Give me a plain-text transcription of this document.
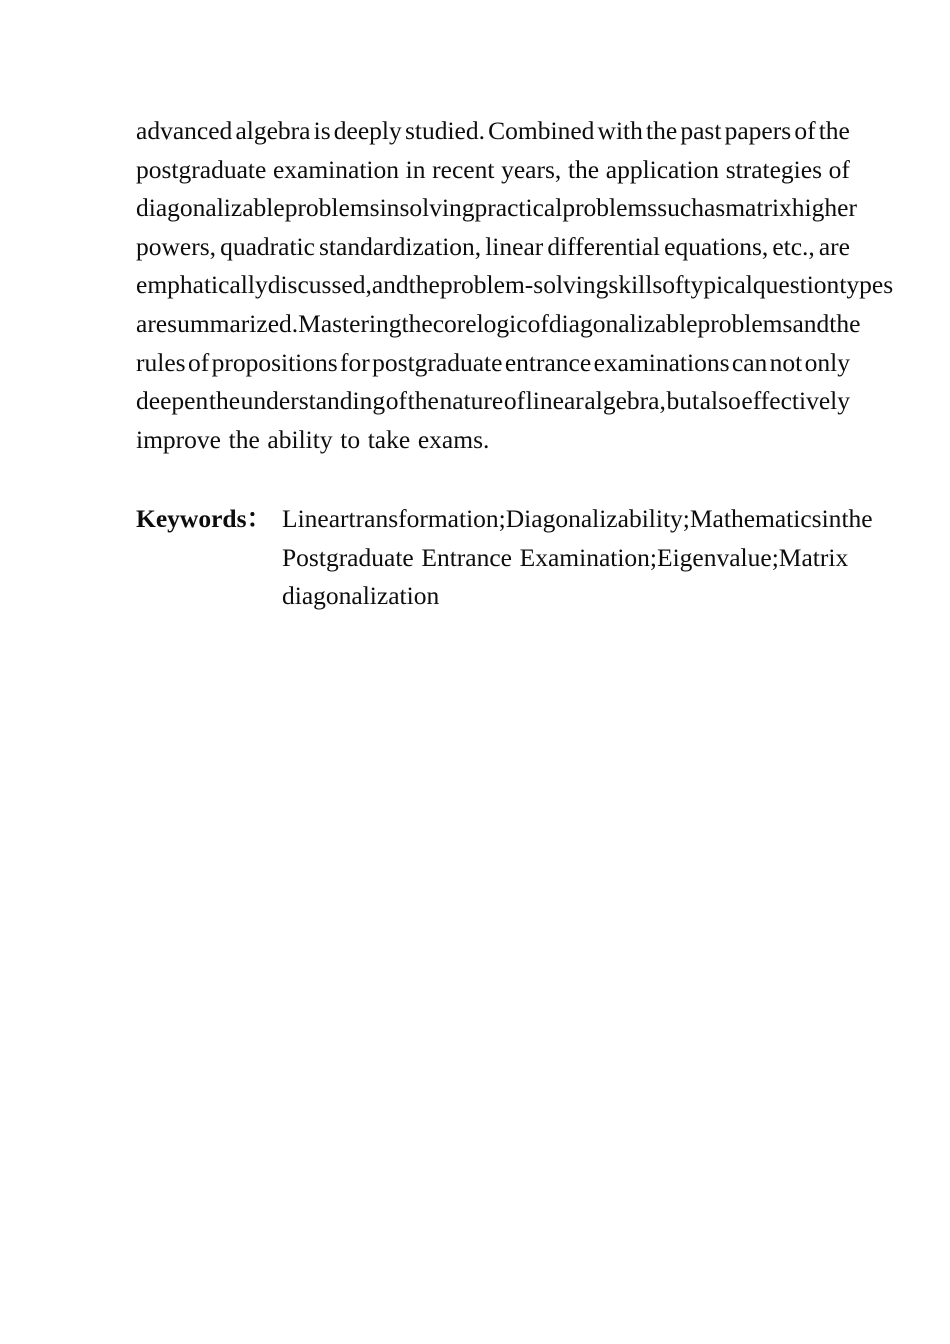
advanced algebra is deeply studied. Combined with the past papers of the
postgraduate examination in recent years, the application strategies of
diagonalizable problems in solving practical problems such as matrix higher
powers, quadratic standardization, linear differential equations, etc., are
emphatically discussed, and the problem-solving skills of typical question types
are summarized. Mastering the core logic of diagonalizable problems and the
rules of propositions for postgraduate entrance examinations can not only
deepen the understanding of the nature of linear algebra, but also effectively
improve the ability to take exams.
Key words ： Linear transformation;Diagonalizability;Mathematics in the
Postgraduate Entrance Examination;Eigenvalue;Matrix
diagonalization
